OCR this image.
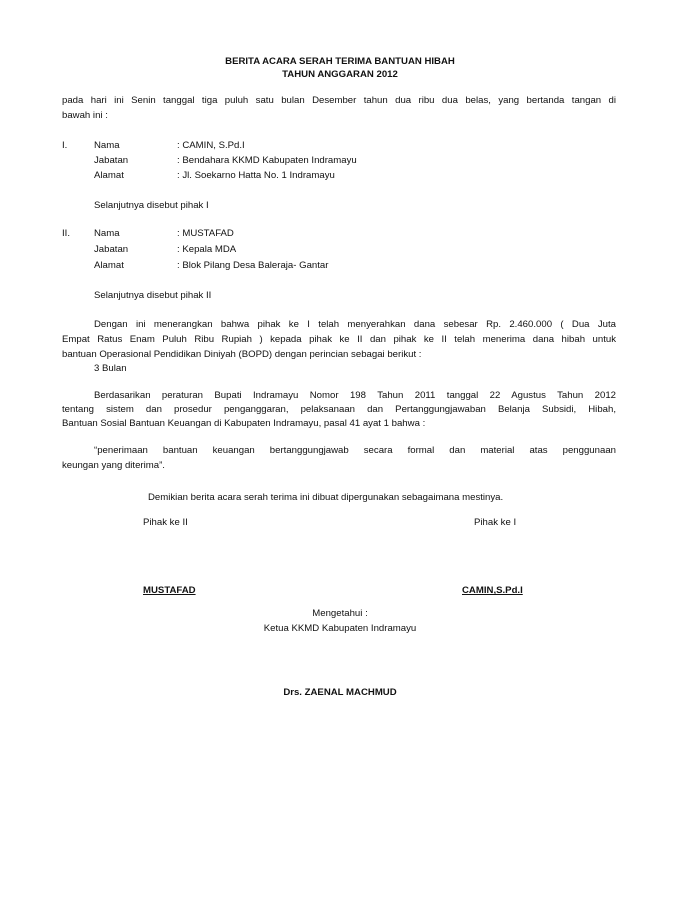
BERITA ACARA SERAH TERIMA BANTUAN HIBAH
TAHUN ANGGARAN 2012
pada hari ini Senin tanggal tiga puluh satu bulan Desember tahun dua ribu dua belas, yang bertanda tangan di
bawah ini :
I.	Nama	: CAMIN, S.Pd.I
Jabatan	: Bendahara KKMD Kabupaten Indramayu
Alamat	: Jl. Soekarno Hatta No. 1 Indramayu
Selanjutnya disebut pihak I
II.	Nama	: MUSTAFAD
Jabatan	: Kepala MDA
Alamat	: Blok Pilang Desa Baleraja- Gantar
Selanjutnya disebut pihak II
Dengan ini menerangkan bahwa pihak ke I telah menyerahkan dana sebesar Rp. 2.460.000 ( Dua Juta
Empat Ratus Enam Puluh Ribu Rupiah ) kepada pihak ke II dan pihak ke II telah menerima dana hibah untuk
bantuan Operasional Pendidikan Diniyah (BOPD) dengan perincian sebagai berikut :
3 Bulan
Berdasarikan peraturan Bupati Indramayu Nomor 198 Tahun 2011 tanggal 22 Agustus Tahun 2012
tentang sistem dan prosedur penganggaran, pelaksanaan dan Pertanggungjawaban Belanja Subsidi, Hibah,
Bantuan Sosial Bantuan Keuangan di Kabupaten Indramayu, pasal 41 ayat 1 bahwa :
“penerimaan bantuan keuangan bertanggungjawab secara formal dan material atas penggunaan
keungan yang diterima”.
Demikian berita acara serah terima ini dibuat dipergunakan sebagaimana mestinya.
Pihak ke II	Pihak ke I
MUSTAFAD	CAMIN,S.Pd.I
Mengetahui :
Ketua KKMD Kabupaten Indramayu
Drs. ZAENAL MACHMUD
